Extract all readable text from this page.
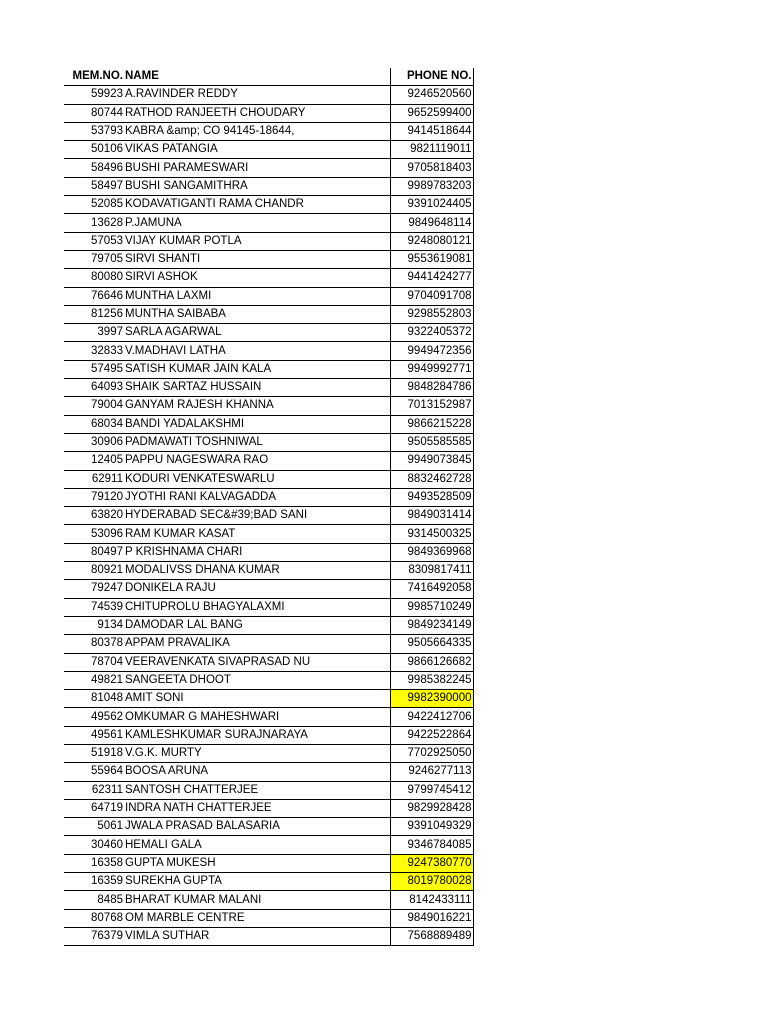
MEM.NO.	NAME	PHONE NO.
59923	A.RAVINDER REDDY	9246520560
80744	RATHOD RANJEETH CHOUDARY	9652599400
53793	KABRA &amp; CO 94145-18644,	9414518644
50106	VIKAS PATANGIA	9821119011
58496	BUSHI PARAMESWARI	9705818403
58497	BUSHI SANGAMITHRA	9989783203
52085	KODAVATIGANTI RAMA CHANDR	9391024405
13628	P.JAMUNA	9849648114
57053	VIJAY KUMAR POTLA	9248080121
79705	SIRVI SHANTI	9553619081
80080	SIRVI ASHOK	9441424277
76646	MUNTHA LAXMI	9704091708
81256	MUNTHA SAIBABA	9298552803
3997	SARLA AGARWAL	9322405372
32833	V.MADHAVI LATHA	9949472356
57495	SATISH KUMAR JAIN KALA	9949992771
64093	SHAIK SARTAZ HUSSAIN	9848284786
79004	GANYAM RAJESH KHANNA	7013152987
68034	BANDI YADALAKSHMI	9866215228
30906	PADMAWATI TOSHNIWAL	9505585585
12405	PAPPU NAGESWARA RAO	9949073845
62911	KODURI VENKATESWARLU	8832462728
79120	JYOTHI RANI KALVAGADDA	9493528509
63820	HYDERABAD SEC&#39;BAD SANI	9849031414
53096	RAM KUMAR KASAT	9314500325
80497	P KRISHNAMA CHARI	9849369968
80921	MODALIVSS DHANA KUMAR	8309817411
79247	DONIKELA RAJU	7416492058
74539	CHITUPROLU BHAGYALAXMI	9985710249
9134	DAMODAR LAL BANG	9849234149
80378	APPAM PRAVALIKA	9505664335
78704	VEERAVENKATA SIVAPRASAD NU	9866126682
49821	SANGEETA DHOOT	9985382245
81048	AMIT SONI	9982390000
49562	OMKUMAR G MAHESHWARI	9422412706
49561	KAMLESHKUMAR SURAJNARAYA	9422522864
51918	V.G.K. MURTY	7702925050
55964	BOOSA ARUNA	9246277113
62311	SANTOSH CHATTERJEE	9799745412
64719	INDRA NATH CHATTERJEE	9829928428
5061	JWALA PRASAD BALASARIA	9391049329
30460	HEMALI GALA	9346784085
16358	GUPTA MUKESH	9247380770
16359	SUREKHA GUPTA	8019780028
8485	BHARAT KUMAR MALANI	8142433111
80768	OM MARBLE CENTRE	9849016221
76379	VIMLA SUTHAR	7568889489
